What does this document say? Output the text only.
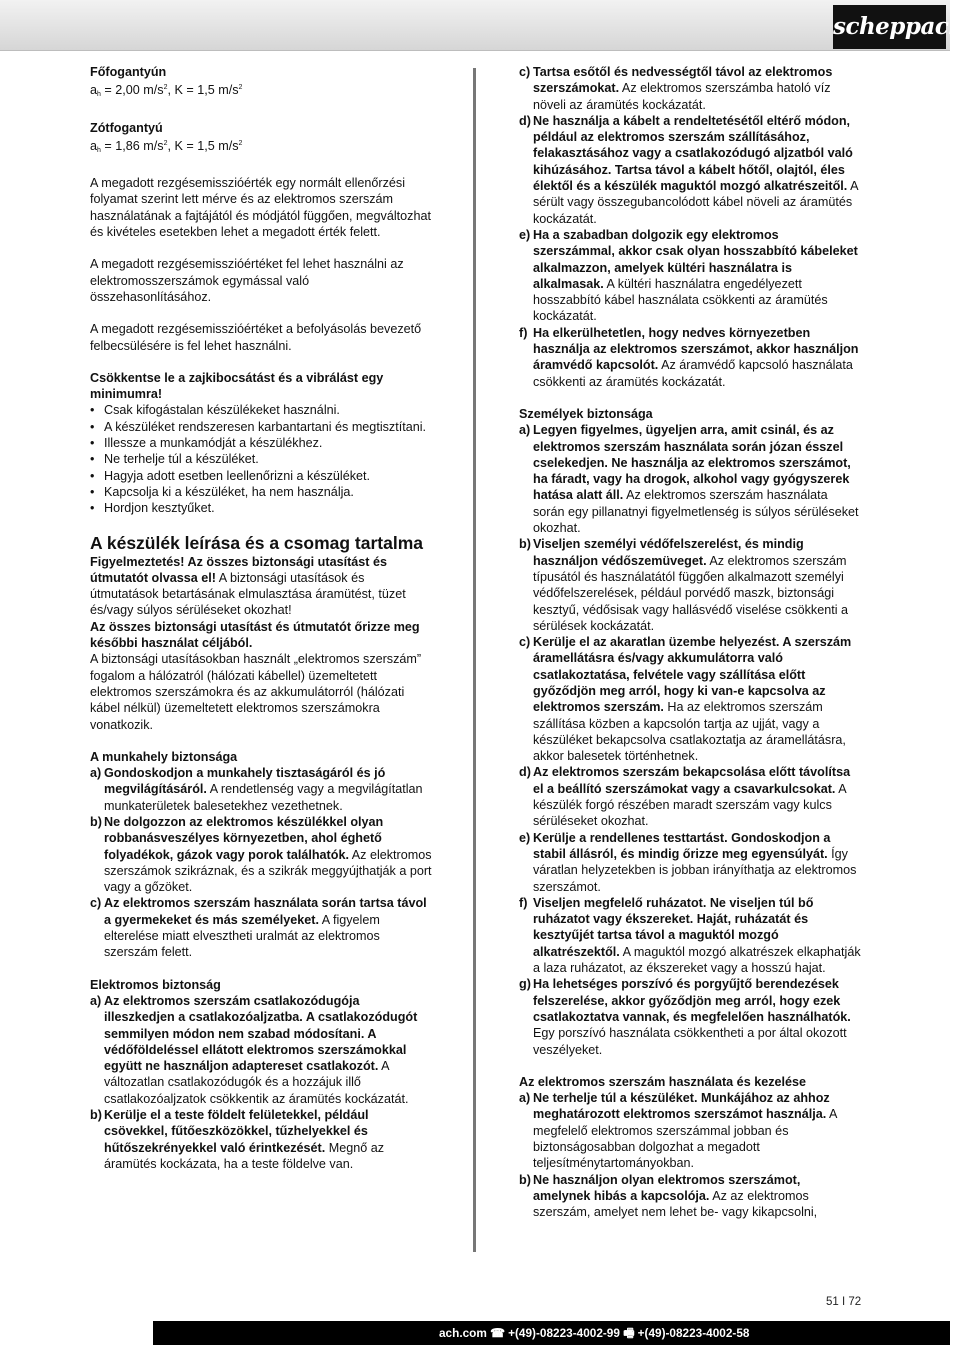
scheppach

Főfogantyún

$a_h = 2,00$ $m/s^2$, K = 1,5 $m/s^2$

Zótfogantyú

$a_h = 1,86$ $m/s^2$, K = 1,5 $m/s^2$

A megadott rezgésemisszióérték egy normált ellenőrzési folyamat szerint lett mérve és az elektromos szerszám használatának a fajtájától és módjától függően, megváltozhat és kivételes esetekben lehet a megadott érték felett.

A megadott rezgésemisszióértéket fel lehet használni az elektromosszerszámok egymással való összehasonlításához.

A megadott rezgésemisszióértéket a befolyásolás bevezető felbecsülésére is fel lehet használni.

Csökkentse le a zajkibocsátást és a vibrálást egy minimumra!

• Csak kifogástalan készülékeket használni.
• A készüléket rendszeresen karbantartani és megtisztítani.
• Illessze a munkamódját a készülékhez.
• Ne terhelje túl a készüléket.
• Hagyja adott esetben leellenőrizni a készüléket.
• Kapcsolja ki a készüléket, ha nem használja.
• Hordjon kesztyűket.

A készülék leírása és a csomag tartalma

Figyelmeztetés! Az összes biztonsági utasítást és útmutatót olvassa el! A biztonsági utasítások és útmutatások betartásának elmulasztása áramütést, tüzet és/vagy súlyos sérüléseket okozhat!

Az összes biztonsági utasítást és útmutatót őrizze meg későbbi használat céljából.

A biztonsági utasításokban használt „elektromos szerszám” fogalom a hálózatról (hálózati kábellel) üzemeltetett elektromos szerszámokra és az akkumulátorról (hálózati kábel nélkül) üzemeltetett elektromos szerszámokra vonatkozik.

A munkahely biztonsága

a) Gondoskodjon a munkahely tisztaságáról és jó megvilágításáról. A rendetlenség vagy a megvilágítatlan munkaterületek balesetekhez vezethetnek.
b) Ne dolgozzon az elektromos készülékkel olyan robbanásveszélyes környezetben, ahol éghető folyadékok, gázok vagy porok találhatók. Az elektromos szerszámok szikráznak, és a szikrák meggyújthatják a port vagy a gőzöket.
c) Az elektromos szerszám használata során tartsa távol a gyermekeket és más személyeket. A figyelem elterelése miatt elvesztheti uralmát az elektromos szerszám felett.

Elektromos biztonság

a) Az elektromos szerszám csatlakozódugója illeszkedjen a csatlakozóaljzatba. A csatlakozódugót semmilyen módon nem szabad módosítani. A védőföldeléssel ellátott elektromos szerszámokkal együtt ne használjon adaptereset csatlakozót. A változatlan csatlakozódugók és a hozzájuk illő csatlakozóaljzatok csökkentik az áramütés kockázatát.
b) Kerülje el a teste földelt felületekkel, például csövekkel, fűtőeszközökkel, tűzhelyekkel és hűtőszekrényekkel való érintkezését. Megnő az áramütés kockázata, ha a teste földelve van.
c) Tartsa esőtől és nedvességtől távol az elektromos szerszámokat. Az elektromos szerszámba hatoló víz növeli az áramütés kockázatát.
d) Ne használja a kábelt a rendeltetésétől eltérő módon, például az elektromos szerszám szállításához, felakasztásához vagy a csatlakozódugó aljzatból való kihúzásához. Tartsa távol a kábelt hőtől, olajtól, éles élektől és a készülék maguktól mozgó alkatrészeitől. A sérült vagy összegubancolódott kábel növeli az áramütés kockázatát.
e) Ha a szabadban dolgozik egy elektromos szerszámmal, akkor csak olyan hosszabbító kábeleket alkalmazzon, amelyek kültéri használatra is alkalmasak. A kültéri használatra engedélyezett hosszabbító kábel használata csökkenti az áramütés kockázatát.
f) Ha elkerülhetetlen, hogy nedves környezetben használja az elektromos szerszámot, akkor használjon áramvédő kapcsolót. Az áramvédő kapcsoló használata csökkenti az áramütés kockázatát.

Személyek biztonsága

a) Legyen figyelmes, ügyeljen arra, amit csinál, és az elektromos szerszám használata során józan ésszel cselekedjen. Ne használja az elektromos szerszámot, ha fáradt, vagy ha drogok, alkohol vagy gyógyszerek hatása alatt áll. Az elektromos szerszám használata során egy pillanatnyi figyelmetlenség is súlyos sérüléseket okozhat.
b) Viseljen személyi védőfelszerelést, és mindig használjon védőszemüveget. Az elektromos szerszám típusától és használatától függően alkalmazott személyi védőfelszerelések, például porvédő maszk, biztonsági kesztyű, védősisak vagy hallásvédő viselése csökkenti a sérülések kockázatát.
c) Kerülje el az akaratlan üzembe helyezést. A szerszám áramellátásra és/vagy akkumulátorra való csatlakoztatása, felvétele vagy szállítása előtt győződjön meg arról, hogy ki van-e kapcsolva az elektromos szerszám. Ha az elektromos szerszám szállítása közben a kapcsolón tartja az ujját, vagy a készüléket bekapcsolva csatlakoztatja az áramellátásra, akkor balesetek történhetnek.
d) Az elektromos szerszám bekapcsolása előtt távolítsa el a beállító szerszámokat vagy a csavarkulcsokat. A készülék forgó részében maradt szerszám vagy kulcs sérüléseket okozhat.
e) Kerülje a rendellenes testtartást. Gondoskodjon a stabil állásról, és mindig őrizze meg egyensúlyát. Így váratlan helyzetekben is jobban irányíthatja az elektromos szerszámot.
f) Viseljen megfelelő ruházatot. Ne viseljen túl bő ruházatot vagy ékszereket. Haját, ruházatát és kesztyűjét tartsa távol a maguktól mozgó alkatrészektől. A maguktól mozgó alkatrészek elkaphatják a laza ruházatot, az ékszereket vagy a hosszú hajat.
g) Ha lehetséges porszívó és porgyűjtő berendezések felszerelése, akkor győződjön meg arról, hogy ezek csatlakoztatva vannak, és megfelelően használhatók. Egy porszívó használata csökkentheti a por által okozott veszélyeket.

Az elektromos szerszám használata és kezelése

a) Ne terhelje túl a készüléket. Munkájához az ahhoz meghatározott elektromos szerszámot használja. A megfelelő elektromos szerszámmal jobban és biztonságosabban dolgozhat a megadott teljesítménytartományokban.
b) Ne használjon olyan elektromos szerszámot, amelynek hibás a kapcsolója. Az az elektromos szerszám, amelyet nem lehet be- vagy kikapcsolni,
51 I 72
ach.com ☎ +(49)-08223-4002-99 🖷 +(49)-08223-4002-58
